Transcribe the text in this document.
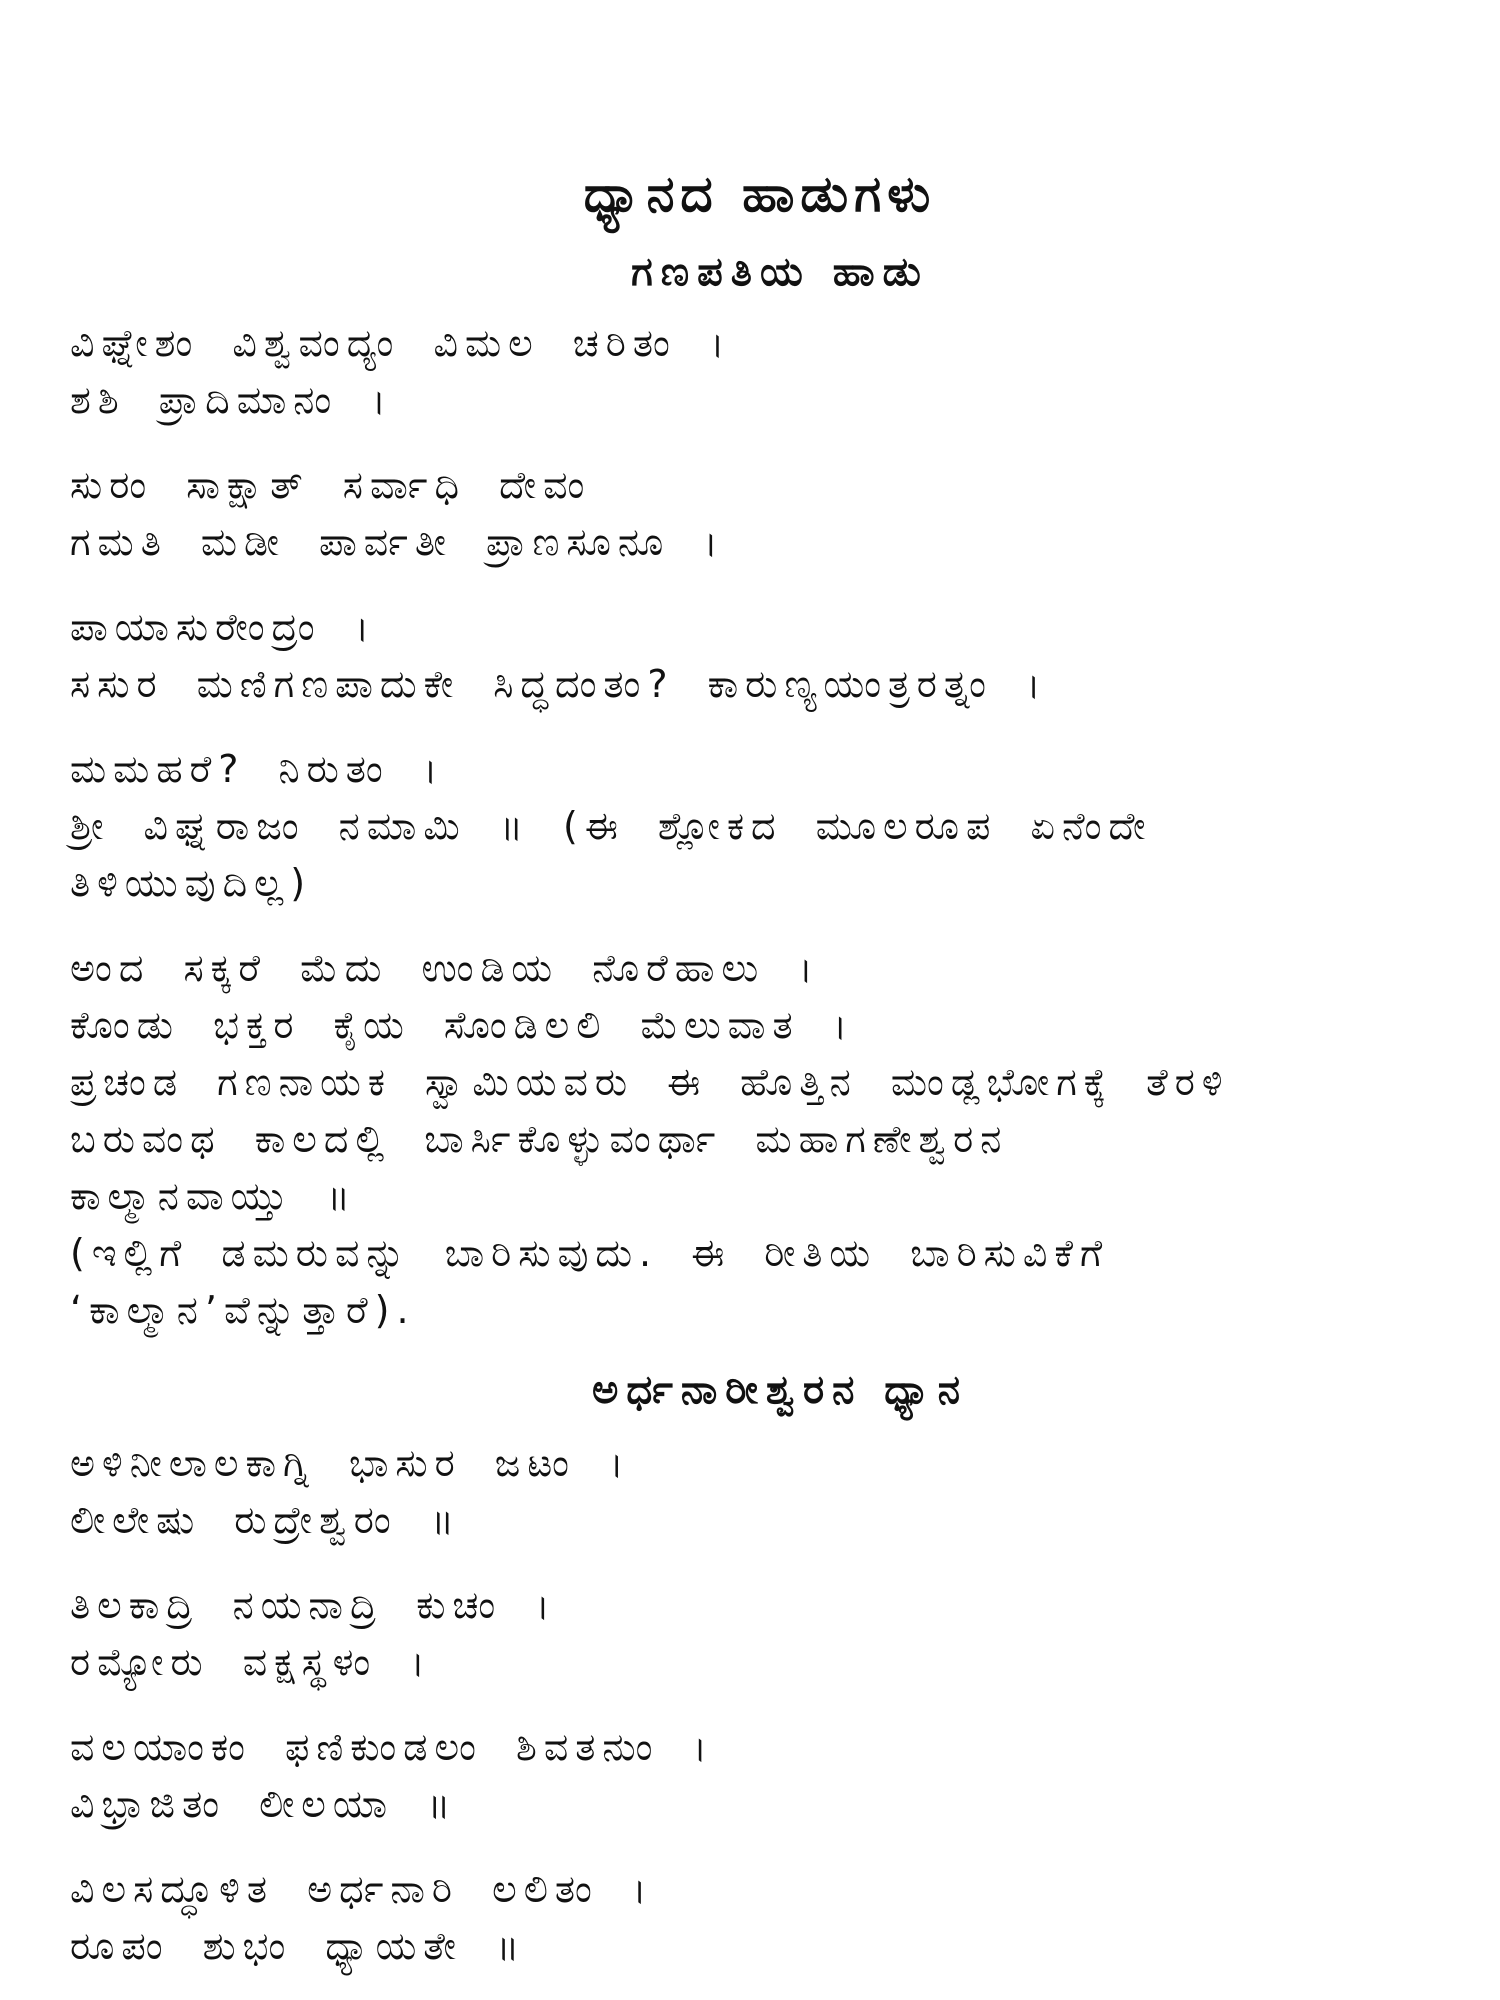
ಧ್ಯಾನದ ಹಾಡುಗಳು
ಗಣಪತಿಯ ಹಾಡು
ವಿಘ್ನೇಶಂ ವಿಶ್ವವಂದ್ಯಂ ವಿಮಲ ಚರಿತಂ ।
ಶಶಿ ಪ್ರಾದಿಮಾನಂ ।
ಸುರಂ ಸಾಕ್ಷಾತ್ ಸರ್ವಾಧಿ ದೇವಂ
ಗಮತಿ ಮಡೀ ಪಾರ್ವತೀ ಪ್ರಾಣಸೂನೂ ।
ಪಾಯಾಸುರೇಂದ್ರಂ ।
ಸಸುರ ಮಣಿಗಣಪಾದುಕೇ ಸಿದ್ಧದಂತಂ? ಕಾರುಣ್ಯಯಂತ್ರರತ್ನಂ ।
ಮಮಹರೆ? ನಿರುತಂ ।
ಶ್ರೀ ವಿಘ್ನರಾಜಂ ನಮಾಮಿ ॥ (ಈ ಶ್ಲೋಕದ ಮೂಲರೂಪ ಏನೆಂದೇ
ತಿಳಿಯುವುದಿಲ್ಲ)
ಅಂದ ಸಕ್ಕರೆ ಮೆದು ಉಂಡಿಯ ನೊರೆಹಾಲು ।
ಕೊಂಡು ಭಕ್ತರ ಕೈಯ ಸೊಂಡಿಲಲಿ ಮೆಲುವಾತ ।
ಪ್ರಚಂಡ ಗಣನಾಯಕ ಸ್ವಾಮಿಯವರು ಈ ಹೊತ್ತಿನ ಮಂಡ್ಲಭೋಗಕ್ಕೆ ತೆರಳಿ
ಬರುವಂಥ ಕಾಲದಲ್ಲಿ ಬಾರ್ಸಿಕೊಳ್ಳುವಂರ್ಥಾ ಮಹಾಗಣೇಶ್ವರನ
ಕಾಲ್ಮಾನವಾಯ್ತು ॥
(ಇಲ್ಲಿಗೆ ಡಮರುವನ್ನು ಬಾರಿಸುವುದು. ಈ ರೀತಿಯ ಬಾರಿಸುವಿಕೆಗೆ
‘ಕಾಲ್ಮಾನ’ವೆನ್ನುತ್ತಾರೆ).
ಅರ್ಧನಾರೀಶ್ವರನ ಧ್ಯಾನ
ಅಳಿನೀಲಾಲಕಾಗ್ನಿ ಭಾಸುರ ಜಟಂ ।
ಲೀಲೇಷು ರುದ್ರೇಶ್ವರಂ ॥
ತಿಲಕಾದ್ರಿ ನಯನಾದ್ರಿ ಕುಚಂ ।
ರಮ್ಯೋರು ವಕ್ಷಸ್ಥಳಂ ।
ವಲಯಾಂಕಂ ಫಣಿಕುಂಡಲಂ ಶಿವತನುಂ ।
ವಿಭ್ರಾಜಿತಂ ಲೀಲಯಾ ॥
ವಿಲಸದ್ಧೂಳಿತ ಅರ್ಧನಾರಿ ಲಲಿತಂ ।
ರೂಪಂ ಶುಭಂ ಧ್ಯಾಯತೇ ॥
